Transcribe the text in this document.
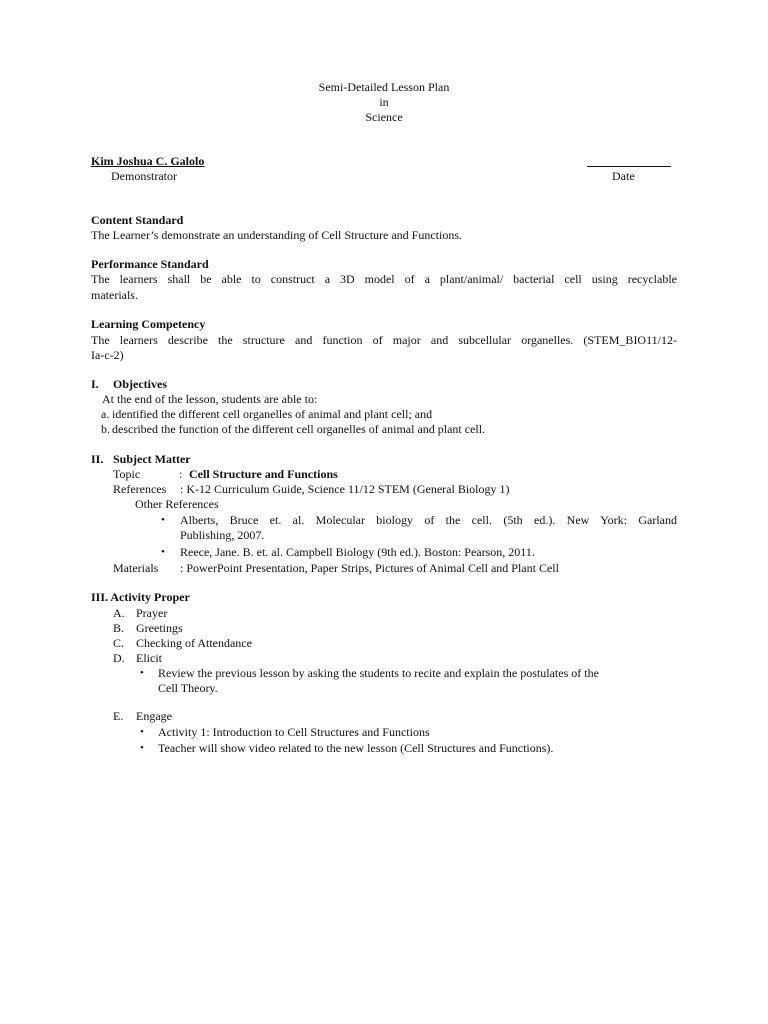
Semi-Detailed Lesson Plan
in
Science
Kim Joshua C. Galolo
Demonstrator	Date
Content Standard
The Learner’s demonstrate an understanding of Cell Structure and Functions.
Performance Standard
The learners shall be able to construct a 3D model of a plant/animal/ bacterial cell using recyclable
materials.
Learning Competency
The learners describe the structure and function of major and subcellular organelles. (STEM_BIO11/12-
Ia-c-2)
I. Objectives
At the end of the lesson, students are able to:
a. identified the different cell organelles of animal and plant cell; and
b. described the function of the different cell organelles of animal and plant cell.
II. Subject Matter
Topic	: Cell Structure and Functions
References : K-12 Curriculum Guide, Science 11/12 STEM (General Biology 1)
Other References
• Alberts, Bruce et. al. Molecular biology of the cell. (5th ed.). New York: Garland
Publishing, 2007.
• Reece, Jane. B. et. al. Campbell Biology (9th ed.). Boston: Pearson, 2011.
Materials : PowerPoint Presentation, Paper Strips, Pictures of Animal Cell and Plant Cell
III. Activity Proper
A. Prayer
B. Greetings
C. Checking of Attendance
D. Elicit
• Review the previous lesson by asking the students to recite and explain the postulates of the
Cell Theory.
E. Engage
• Activity 1: Introduction to Cell Structures and Functions
• Teacher will show video related to the new lesson (Cell Structures and Functions).
